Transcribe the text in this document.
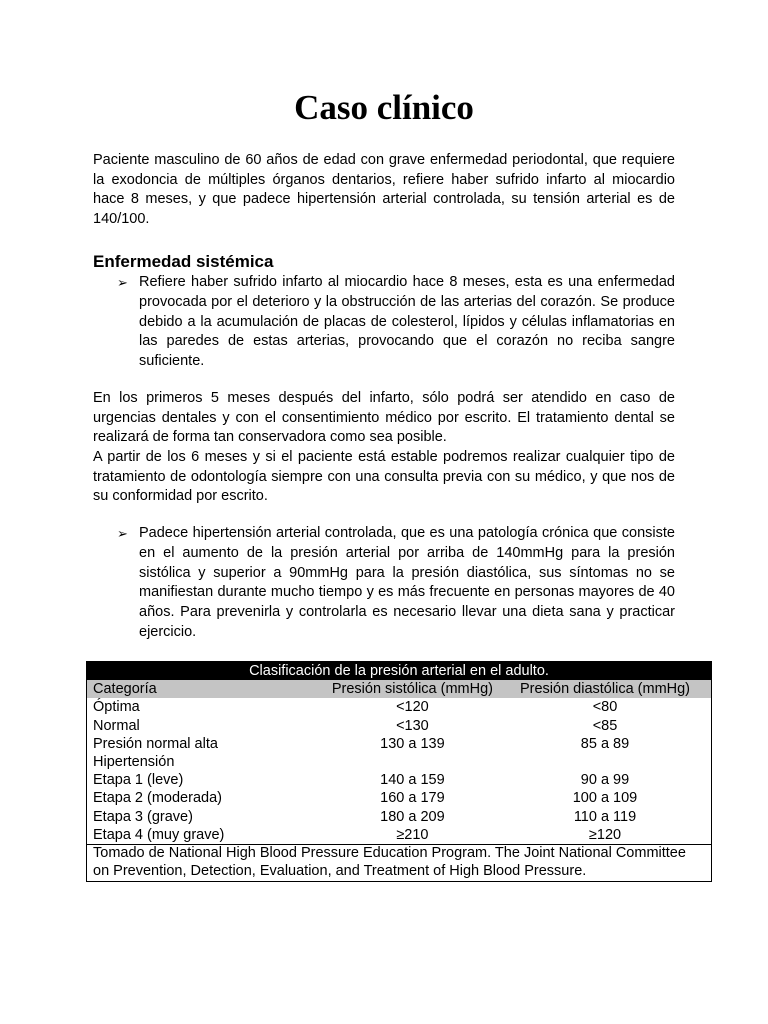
Caso clínico

Paciente masculino de 60 años de edad con grave enfermedad periodontal, que requiere la exodoncia de múltiples órganos dentarios, refiere haber sufrido infarto al miocardio hace 8 meses, y que padece hipertensión arterial controlada, su tensión arterial es de 140/100.

Enfermedad sistémica
➢ Refiere haber sufrido infarto al miocardio hace 8 meses, esta es una enfermedad provocada por el deterioro y la obstrucción de las arterias del corazón. Se produce debido a la acumulación de placas de colesterol, lípidos y células inflamatorias en las paredes de estas arterias, provocando que el corazón no reciba sangre suficiente.

En los primeros 5 meses después del infarto, sólo podrá ser atendido en caso de urgencias dentales y con el consentimiento médico por escrito. El tratamiento dental se realizará de forma tan conservadora como sea posible.

A partir de los 6 meses y si el paciente está estable podremos realizar cualquier tipo de tratamiento de odontología siempre con una consulta previa con su médico, y que nos de su conformidad por escrito.

➢ Padece hipertensión arterial controlada, que es una patología crónica que consiste en el aumento de la presión arterial por arriba de 140mmHg para la presión sistólica y superior a 90mmHg para la presión diastólica, sus síntomas no se manifiestan durante mucho tiempo y es más frecuente en personas mayores de 40 años. Para prevenirla y controlarla es necesario llevar una dieta sana y practicar ejercicio.
Clasificación de la presión arterial en el adulto.		
Categoría	Presión sistólica (mmHg)	Presión diastólica (mmHg)
Óptima	<120	<80
Normal	<130	<85
Presión normal alta	130 a 139	85 a 89
Hipertensión		
Etapa 1 (leve)	140 a 159	90 a 99
Etapa 2 (moderada)	160 a 179	100 a 109
Etapa 3 (grave)	180 a 209	110 a 119
Etapa 4 (muy grave)	≥210	≥120
Tomado de National High Blood Pressure Education Program. The Joint National Committee on Prevention, Detection, Evaluation, and Treatment of High Blood Pressure.		
